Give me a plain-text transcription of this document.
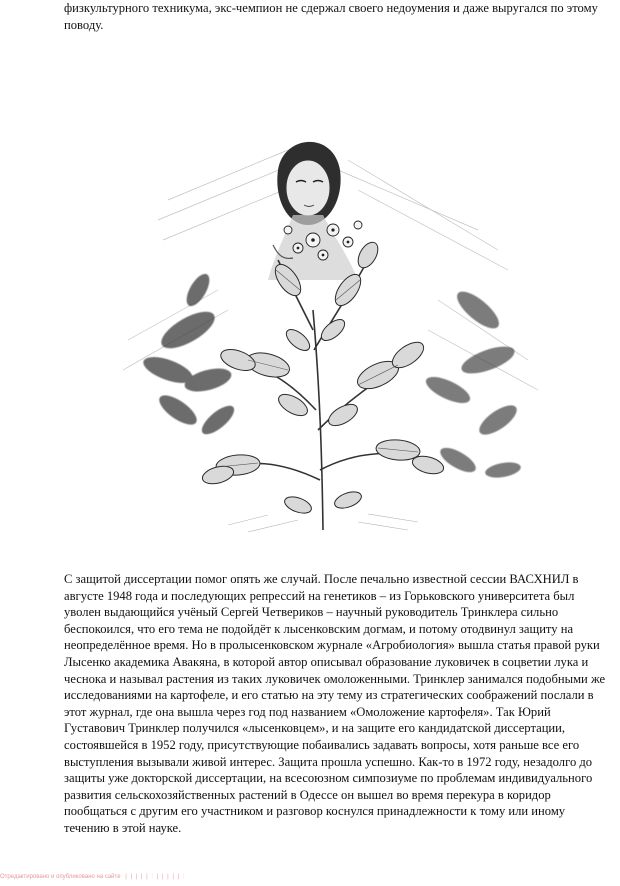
физкультурного техникума, экс-чемпион не сдержал своего недоумения и даже выругался по этому поводу.

С защитой диссертации помог опять же случай. После печально известной сессии ВАСХНИЛ в августе 1948 года и последующих репрессий на генетиков – из Горьковского университета был уволен выдающийся учёный Сергей Четвериков – научный руководитель Тринклера сильно беспокоился, что его тема не подойдёт к лысенковским догмам, и потому отодвинул защиту на неопределённое время. Но в пролысенковском журнале «Агробиология» вышла статья правой руки Лысенко академика Авакяна, в которой автор описывал образование луковичек в соцветии лука и чеснока и называл растения из таких луковичек омоложенными. Тринклер занимался подобными же исследованиями на картофеле, и его статью на эту тему из стратегических соображений послали в этот журнал, где она вышла через год под названием «Омоложение картофеля». Так Юрий Густавович Тринклер получился «лысенковцем», и на защите его кандидатской диссертации, состоявшейся в 1952 году, присутствующие побаивались задавать вопросы, хотя раньше все его выступления вызывали живой интерес. Защита прошла успешно. Как-то в 1972 году, незадолго до защиты уже докторской диссертации, на всесоюзном симпозиуме по проблемам индивидуального развития сельскохозяйственных растений в Одессе он вышел во время перекура в коридор пообщаться с другим его участником и разговор коснулся принадлежности к тому или иному течению в этой науке.

Отредактировано и опубликовано на сайте | | | | | : | | | | | :
